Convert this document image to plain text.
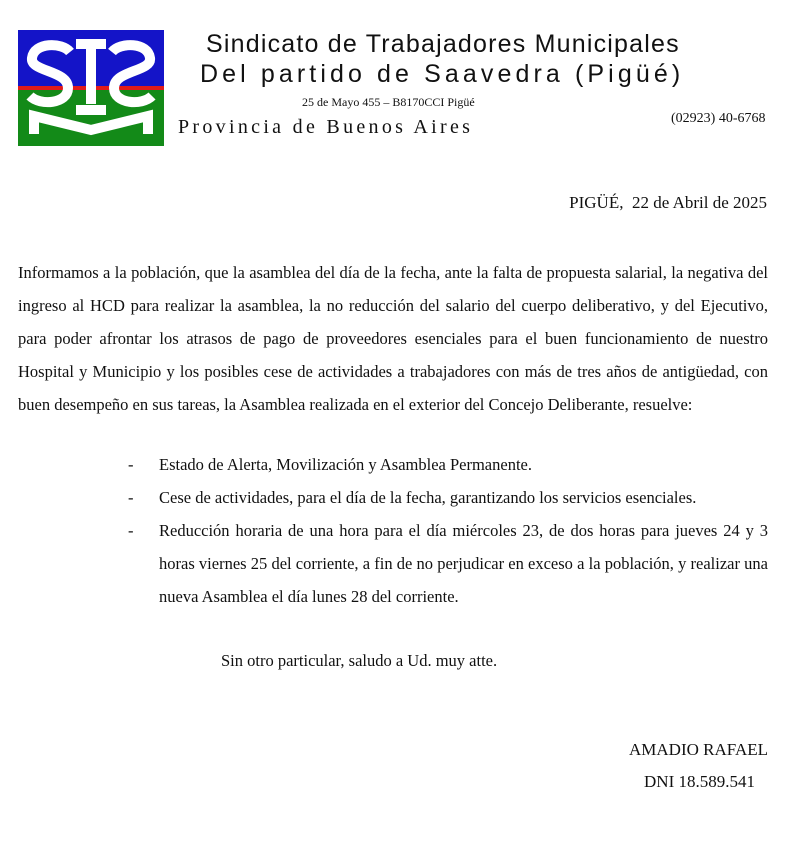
Sindicato de Trabajadores Municipales
Del partido de Saavedra (Pigüé)
25 de Mayo 455 – B8170CCI Pigüé
Provincia de Buenos Aires	(02923) 40-6768
PIGÜÉ,  22 de Abril de 2025

Informamos a la población, que la asamblea del día de la fecha, ante la falta de propuesta salarial, la negativa del ingreso al HCD para realizar la asamblea, la no reducción del salario del cuerpo deliberativo, y del Ejecutivo, para poder afrontar los atrasos de pago de proveedores esenciales para el buen funcionamiento de nuestro Hospital y Municipio y los posibles cese de actividades a trabajadores con más de tres años de antigüedad, con buen desempeño en sus tareas, la Asamblea realizada en el exterior del Concejo Deliberante, resuelve:

- Estado de Alerta, Movilización y Asamblea Permanente.
- Cese de actividades, para el día de la fecha, garantizando los servicios esenciales.
- Reducción horaria de una hora para el día miércoles 23, de dos horas para jueves 24 y 3 horas viernes 25 del corriente, a fin de no perjudicar en exceso a la población, y realizar una nueva Asamblea el día lunes 28 del corriente.
Sin otro particular, saludo a Ud. muy atte.
AMADIO RAFAEL
DNI 18.589.541
